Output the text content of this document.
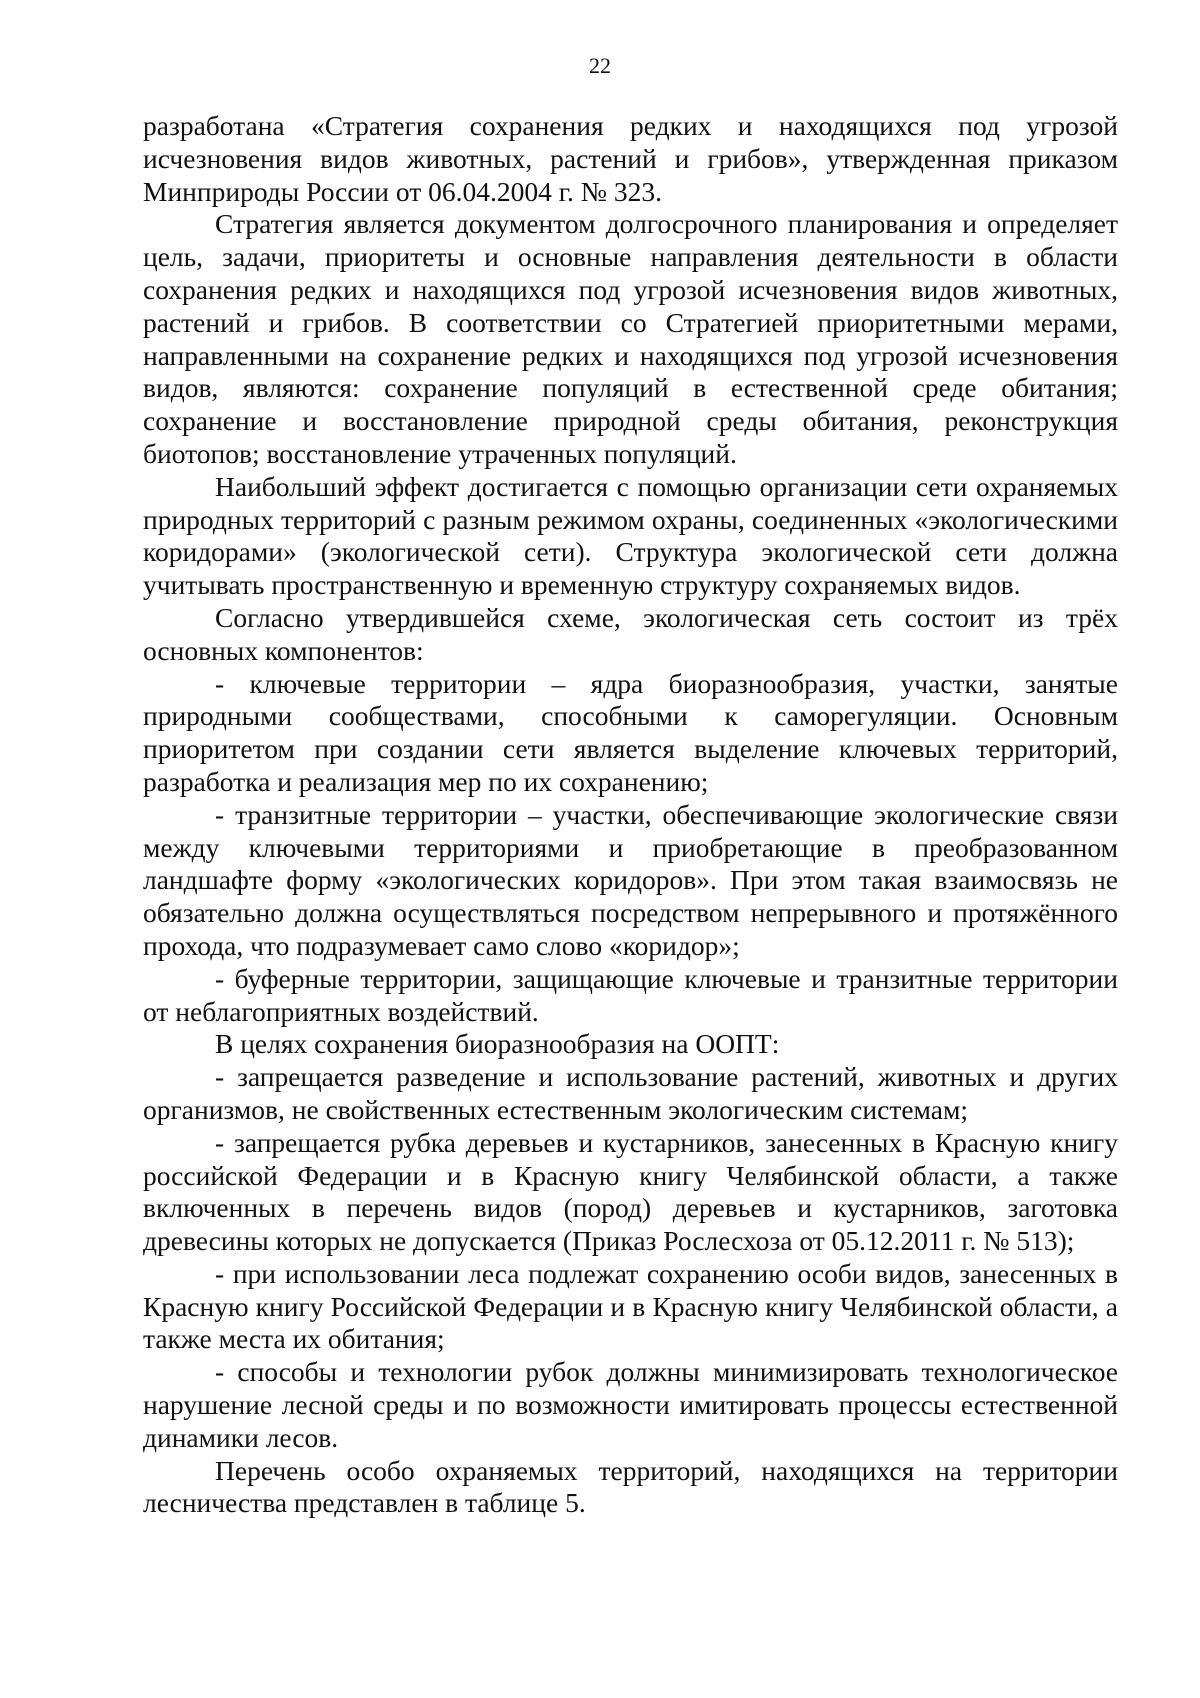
22

разработана «Стратегия сохранения редких и находящихся под угрозой исчезновения видов животных, растений и грибов», утвержденная приказом Минприроды России от 06.04.2004 г. № 323.

Стратегия является документом долгосрочного планирования и определяет цель, задачи, приоритеты и основные направления деятельности в области сохранения редких и находящихся под угрозой исчезновения видов животных, растений и грибов. В соответствии со Стратегией приоритетными мерами, направленными на сохранение редких и находящихся под угрозой исчезновения видов, являются: сохранение популяций в естественной среде обитания; сохранение и восстановление природной среды обитания, реконструкция биотопов; восстановление утраченных популяций.

Наибольший эффект достигается с помощью организации сети охраняемых природных территорий с разным режимом охраны, соединенных «экологическими коридорами» (экологической сети). Структура экологической сети должна учитывать пространственную и временную структуру сохраняемых видов.

Согласно утвердившейся схеме, экологическая сеть состоит из трёх основных компонентов:

- ключевые территории – ядра биоразнообразия, участки, занятые природными сообществами, способными к саморегуляции. Основным приоритетом при создании сети является выделение ключевых территорий, разработка и реализация мер по их сохранению;

- транзитные территории – участки, обеспечивающие экологические связи между ключевыми территориями и приобретающие в преобразованном ландшафте форму «экологических коридоров». При этом такая взаимосвязь не обязательно должна осуществляться посредством непрерывного и протяжённого прохода, что подразумевает само слово «коридор»;

- буферные территории, защищающие ключевые и транзитные территории от неблагоприятных воздействий.

В целях сохранения биоразнообразия на ООПТ:

- запрещается разведение и использование растений, животных и других организмов, не свойственных естественным экологическим системам;

- запрещается рубка деревьев и кустарников, занесенных в Красную книгу российской Федерации и в Красную книгу Челябинской области, а также включенных в перечень видов (пород) деревьев и кустарников, заготовка древесины которых не допускается (Приказ Рослесхоза от 05.12.2011 г. № 513);

- при использовании леса подлежат сохранению особи видов, занесенных в Красную книгу Российской Федерации и в Красную книгу Челябинской области, а также места их обитания;

- способы и технологии рубок должны минимизировать технологическое нарушение лесной среды и по возможности имитировать процессы естественной динамики лесов.

Перечень особо охраняемых территорий, находящихся на территории лесничества представлен в таблице 5.
